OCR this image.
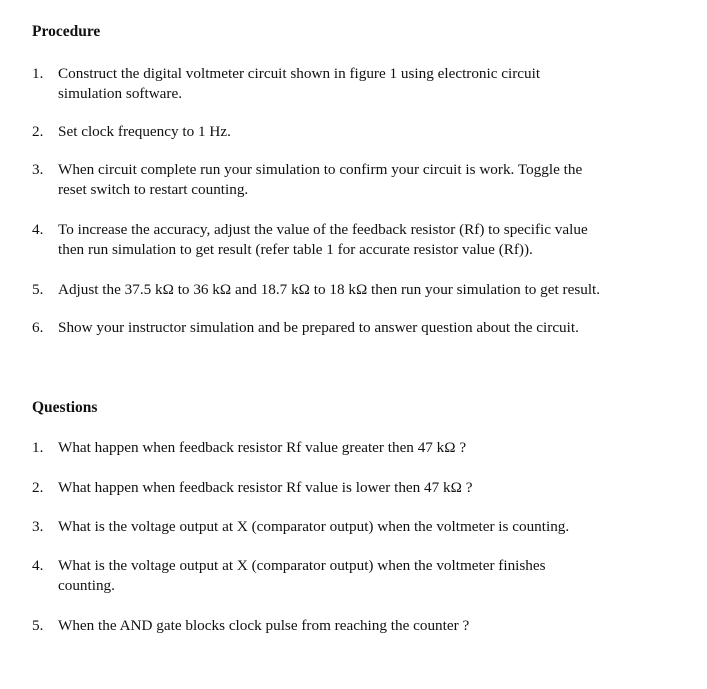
Procedure
1. Construct the digital voltmeter circuit shown in figure 1 using electronic circuit
simulation software.
2. Set clock frequency to 1 Hz.
3. When circuit complete run your simulation to confirm your circuit is work. Toggle the
reset switch to restart counting.
4. To increase the accuracy, adjust the value of the feedback resistor (Rf) to specific value
then run simulation to get result (refer table 1 for accurate resistor value (Rf)).
5. Adjust the 37.5 kΩ to 36 kΩ and 18.7 kΩ to 18 kΩ then run your simulation to get result.
6. Show your instructor simulation and be prepared to answer question about the circuit.
Questions
1. What happen when feedback resistor Rf value greater then 47 kΩ ?
2. What happen when feedback resistor Rf value is lower then 47 kΩ ?
3. What is the voltage output at X (comparator output) when the voltmeter is counting.
4. What is the voltage output at X (comparator output) when the voltmeter finishes
counting.
5. When the AND gate blocks clock pulse from reaching the counter ?
